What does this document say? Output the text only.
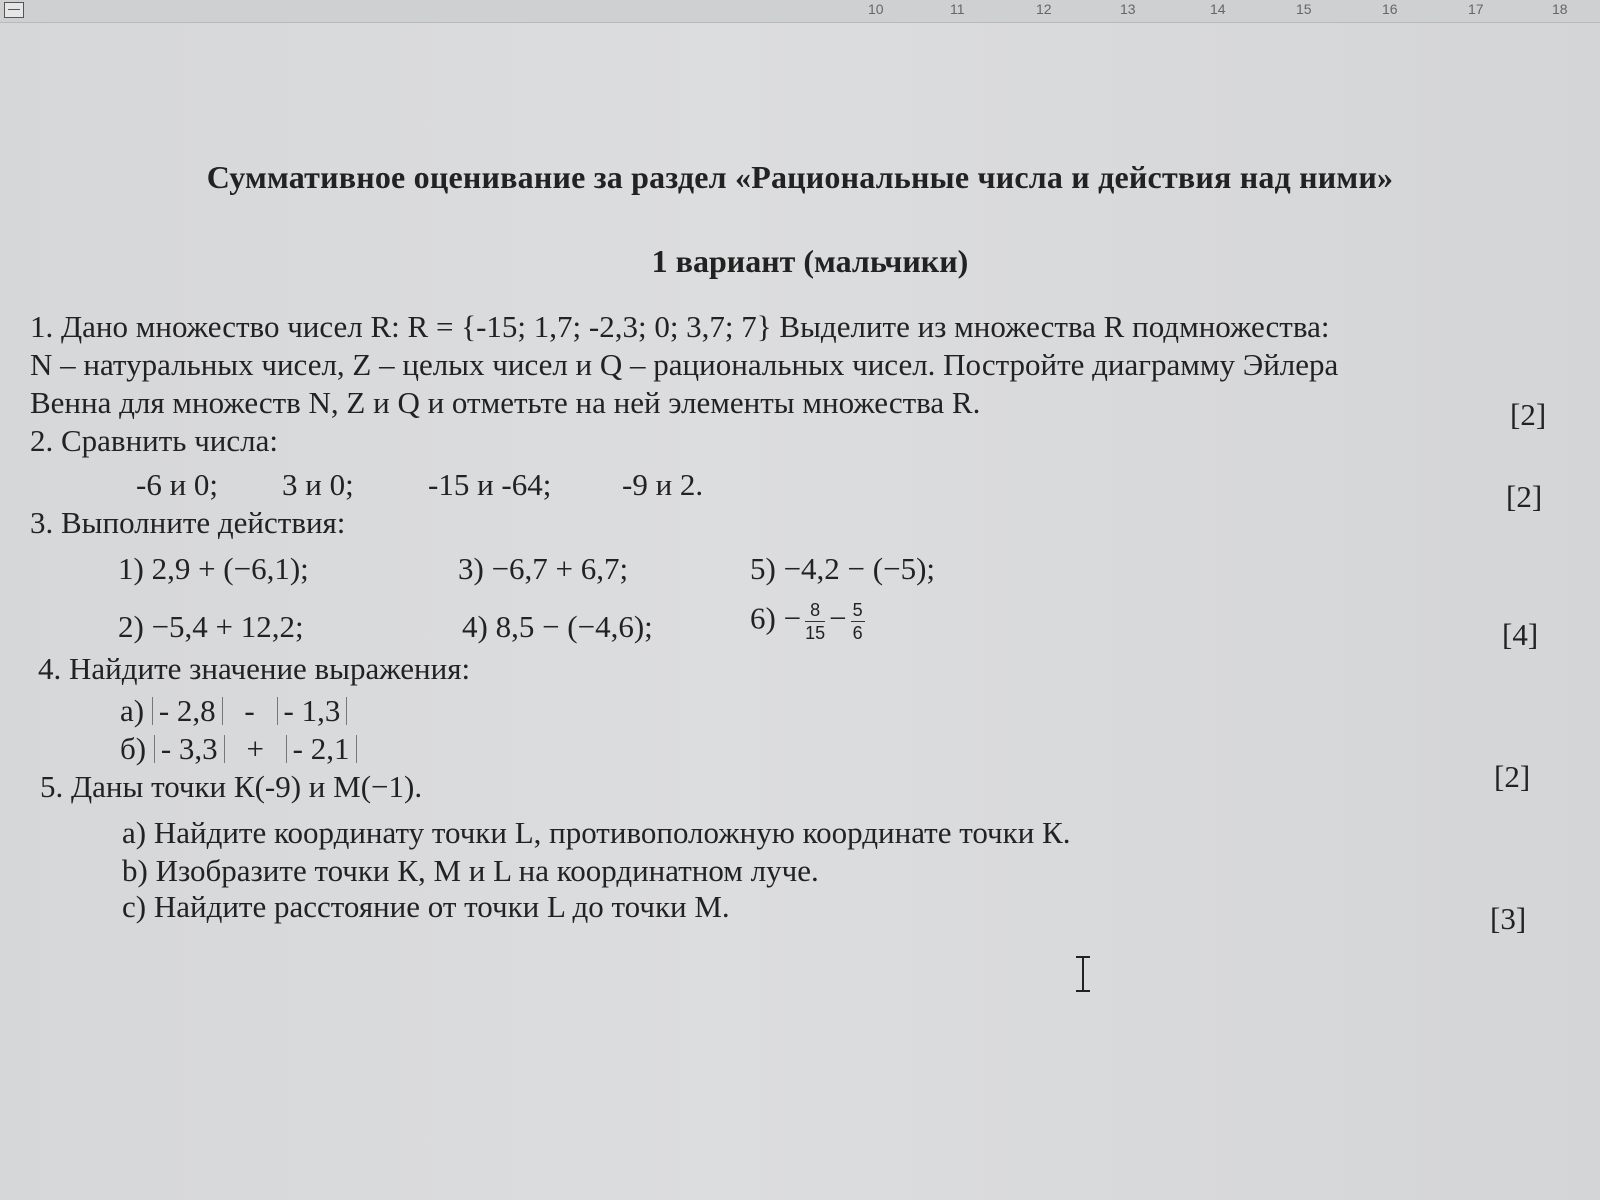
10	11	12	13	14	15	16	17	18
Суммативное оценивание за раздел «Рациональные числа и действия над ними»
1 вариант (мальчики)
1. Дано множество чисел R: R = {-15; 1,7; -2,3; 0; 3,7; 7} Выделите из множества R подмножества:
N – натуральных чисел, Z – целых чисел и Q – рациональных чисел. Постройте диаграмму Эйлера
Венна для множеств N, Z и Q и отметьте на ней элементы множества R.	[2]
2. Сравнить числа:
-6 и 0; 3 и 0; -15 и -64; -9 и 2.	[2]
3. Выполните действия:
1) 2,9 + (−6,1);	3) −6,7 + 6,7;	5) −4,2 − (−5);
2) −5,4 + 12,2;	4) 8,5 − (−4,6);	$6) - \frac{8}{15} - \frac{5}{6}$	[4]
4. Найдите значение выражения:
а) - 2,8 - - 1,3
б) - 3,3 + - 2,1
[2]
5. Даны точки К(-9) и М(−1).
a) Найдите координату точки L, противоположную координате точки К.
b) Изобразите точки К, М и L на координатном луче.
c) Найдите расстояние от точки L до точки М.	[3]
